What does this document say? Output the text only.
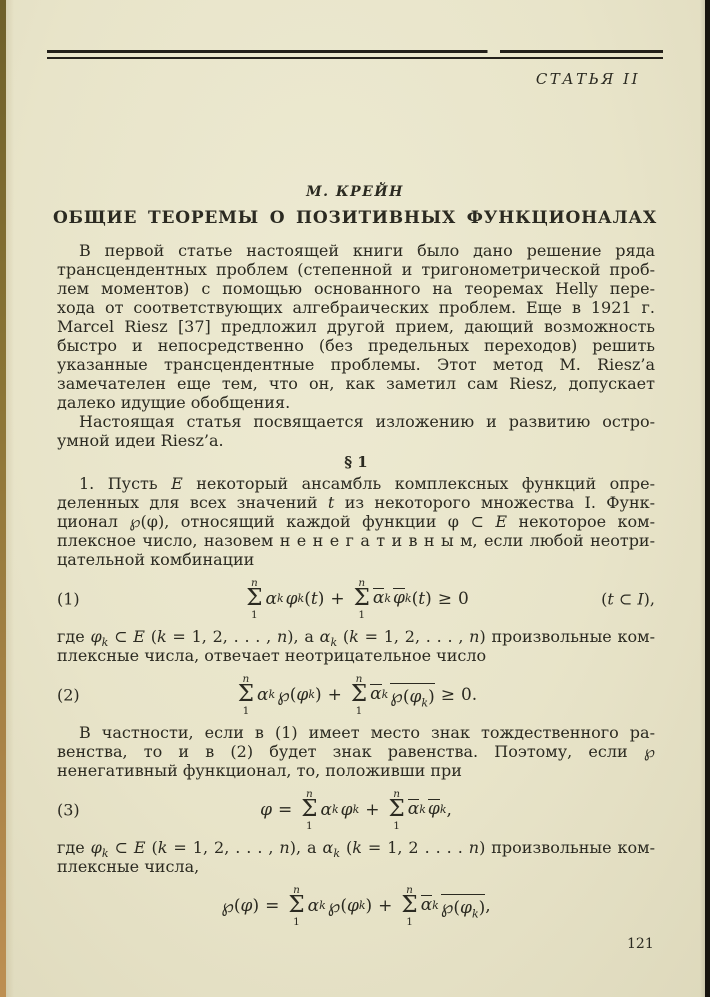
СТАТЬЯ II
М. КРЕЙН
ОБЩИЕ ТЕОРЕМЫ О ПОЗИТИВНЫХ ФУНКЦИОНАЛАХ
В первой статье настоящей книги было дано решение ряда
трансцендентных проблем (степенной и тригонометрической проб-
лем моментов) с помощью основанного на теоремах Helly пере-
хода от соответствующих алгебраических проблем. Еще в 1921 г.
Marcel Riesz [37] предложил другой прием, дающий возможность
быстро и непосредственно (без предельных переходов) решить
указанные трансцендентные проблемы. Этот метод М. Riesz’a
замечателен еще тем, что он, как заметил сам Riesz, допускает
далеко идущие обобщения.
Настоящая статья посвящается изложению и развитию остро-
умной идеи Riesz’a.
§ 1
1. Пусть Е некоторый ансамбль комплексных функций опре-
деленных для всех значений t из некоторого множества I. Функ-
ционал ℘(φ), относящий каждой функции φ ⊂ Е некоторое ком-
плексное число, назовем н е н е г а т и в н ы м, если любой неотри-
цательной комбинации
(1)
n
Σ
1
α k φ k ( t ) +
n
Σ
1
α k φ k ( t ) ≥ 0	(t ⊂ I),
где $\varphi_k$ ⊂ E (k = 1, 2, . . . , n), а $\alpha_k$ (k = 1, 2, . . . , n) произвольные ком-
плексные числа, отвечает неотрицательное число
(2)
n
Σ
1
α k ℘ ( φ k ) +
n
Σ
1
α k $℘(\varphi_k) \ge 0$.
В частности, если в (1) имеет место знак тождественного ра-
венства, то и в (2) будет знак равенства. Поэтому, если ℘
ненегативный функционал, то, положивши при
(3)	φ =
n
Σ
1
α k φ k +
n
Σ
1
α k φ k ,
где $\varphi_k$ ⊂ E (k = 1, 2, . . . , n), а $\alpha_k$ (k = 1, 2 . . . . n) произвольные ком-
плексные числа,
℘ ( φ ) =
n
Σ
1
α k ℘ ( φ k ) +
n
Σ
1
α k $℘(\varphi_k)$ ,
121
